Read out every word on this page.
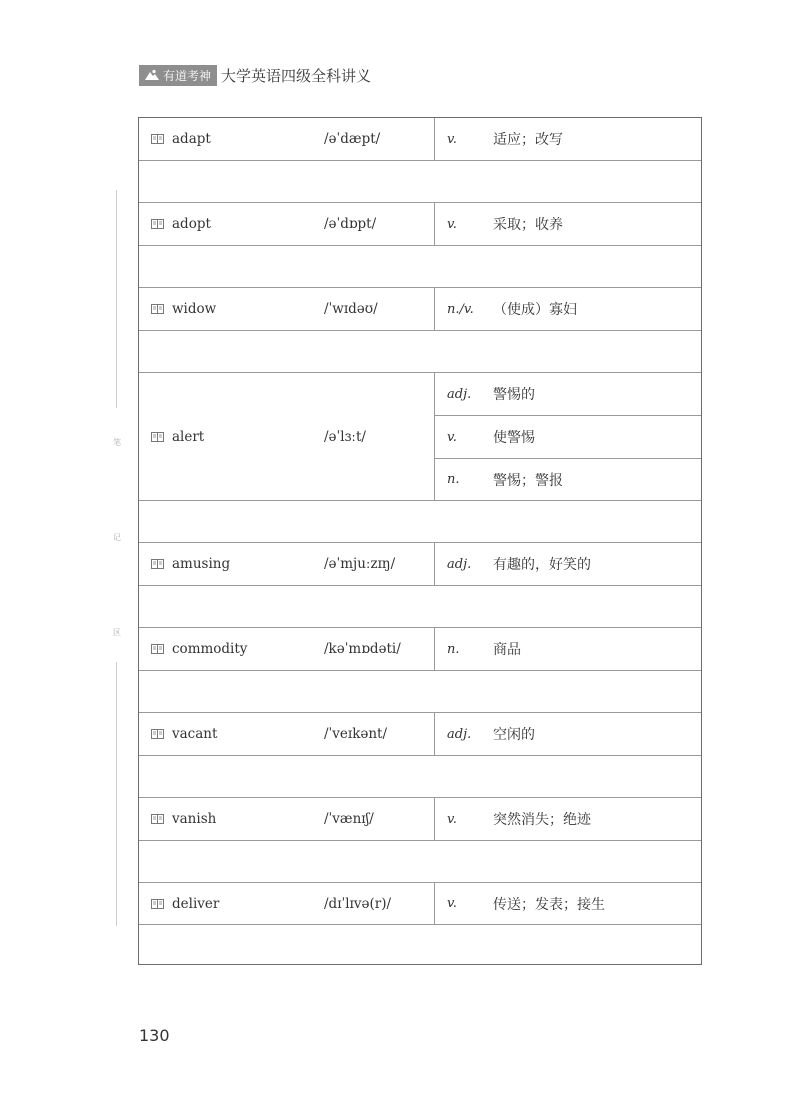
有道考神 大学英语四级全科讲义
笔
记
区
adapt	/əˈdæpt/	v.	适应；改写
adopt	/əˈdɒpt/	v.	采取；收养
widow	/ˈwɪdəʊ/	n./v. （使成）寡妇
alert	/əˈlɜːt/
adj. 警惕的
v.	使警惕
n. 警惕；警报
amusing	/əˈmjuːzɪŋ/	adj. 有趣的，好笑的
commodity	/kəˈmɒdəti/	n. 商品
vacant	/ˈveɪkənt/	adj. 空闲的
vanish	/ˈvænɪʃ/	v.	突然消失；绝迹
deliver	/dɪˈlɪvə(r)/	v.	传送；发表；接生
130
